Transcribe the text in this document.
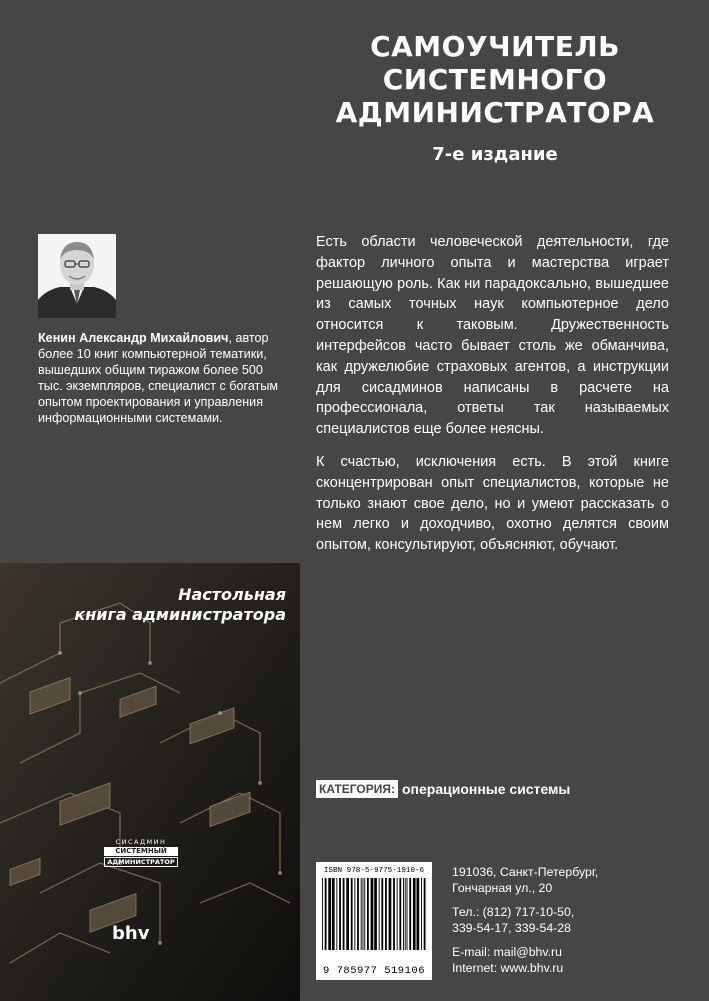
САМОУЧИТЕЛЬ
СИСТЕМНОГО
АДМИНИСТРАТОРА
7-е издание
Кенин Александр Михайлович, автор более 10 книг компьютерной тематики, вышедших общим тиражом более 500 тыс. экземпляров, специалист с богатым опытом проектирования и управления информационными системами.

Есть области человеческой деятельности, где фактор личного опыта и мастерства играет решающую роль. Как ни парадоксально, вышедшее из самых точных наук компьютерное дело относится к таковым. Дружественность интерфейсов часто бывает столь же обманчива, как дружелюбие страховых агентов, а инструкции для сисадминов написаны в расчете на профессионала, ответы так называемых специалистов еще более неясны.

К счастью, исключения есть. В этой книге сконцентрирован опыт специалистов, которые не только знают свое дело, но и умеют рассказать о нем легко и доходчиво, охотно делятся своим опытом, консультируют, объясняют, обучают.

Настольная
книга администратора
СИСАДМИН
СИСТЕМНЫЙ
АДМИНИСТРАТОР
bhv
КАТЕГОРИЯ: операционные системы
ISBN 978-5-9775-1910-6
9 785977 519106
191036, Санкт-Петербург,
Гончарная ул., 20
Тел.: (812) 717-10-50,
339-54-17, 339-54-28
E-mail: mail@bhv.ru
Internet: www.bhv.ru
